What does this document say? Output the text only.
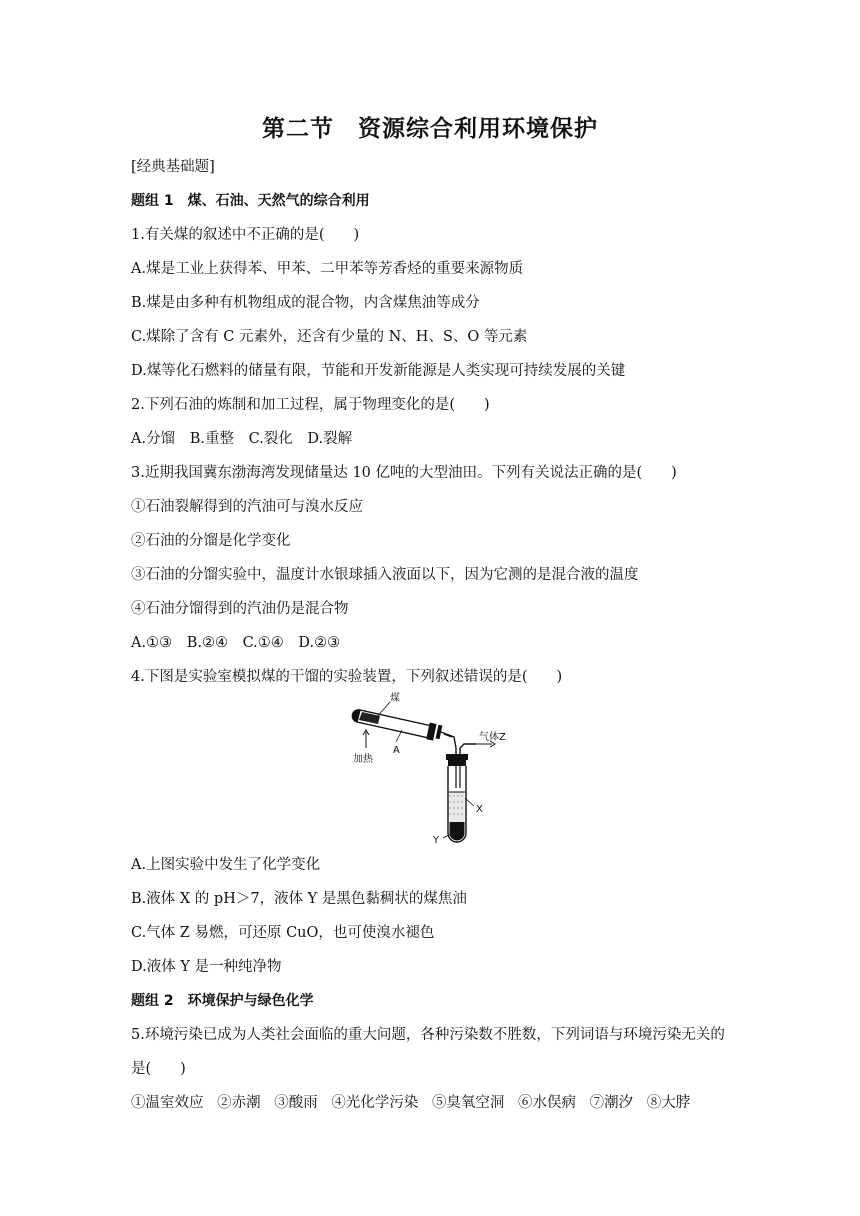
第二节　资源综合利用环境保护
[经典基础题]
题组 1　煤、石油、天然气的综合利用
1.有关煤的叙述中不正确的是(　　)
A.煤是工业上获得苯、甲苯、二甲苯等芳香烃的重要来源物质
B.煤是由多种有机物组成的混合物，内含煤焦油等成分
C.煤除了含有 C 元素外，还含有少量的 N、H、S、O 等元素
D.煤等化石燃料的储量有限，节能和开发新能源是人类实现可持续发展的关键
2.下列石油的炼制和加工过程，属于物理变化的是(　　)
A.分馏 B.重整 C.裂化 D.裂解
3.近期我国冀东渤海湾发现储量达 10 亿吨的大型油田。下列有关说法正确的是(　　)
①石油裂解得到的汽油可与溴水反应
②石油的分馏是化学变化
③石油的分馏实验中，温度计水银球插入液面以下，因为它测的是混合液的温度
④石油分馏得到的汽油仍是混合物
A.①③ B.②④ C.①④ D.②③
4.下图是实验室模拟煤的干馏的实验装置，下列叙述错误的是(　　)
煤
加热
A
气体Z
X
Y
A.上图实验中发生了化学变化
B.液体 X 的 pH＞7，液体 Y 是黑色黏稠状的煤焦油
C.气体 Z 易燃，可还原 CuO，也可使溴水褪色
D.液体 Y 是一种纯净物
题组 2　环境保护与绿色化学
5.环境污染已成为人类社会面临的重大问题，各种污染数不胜数，下列词语与环境污染无关的是(　　)
①温室效应 ②赤潮 ③酸雨 ④光化学污染 ⑤臭氧空洞 ⑥水俣病 ⑦潮汐 ⑧大脖
